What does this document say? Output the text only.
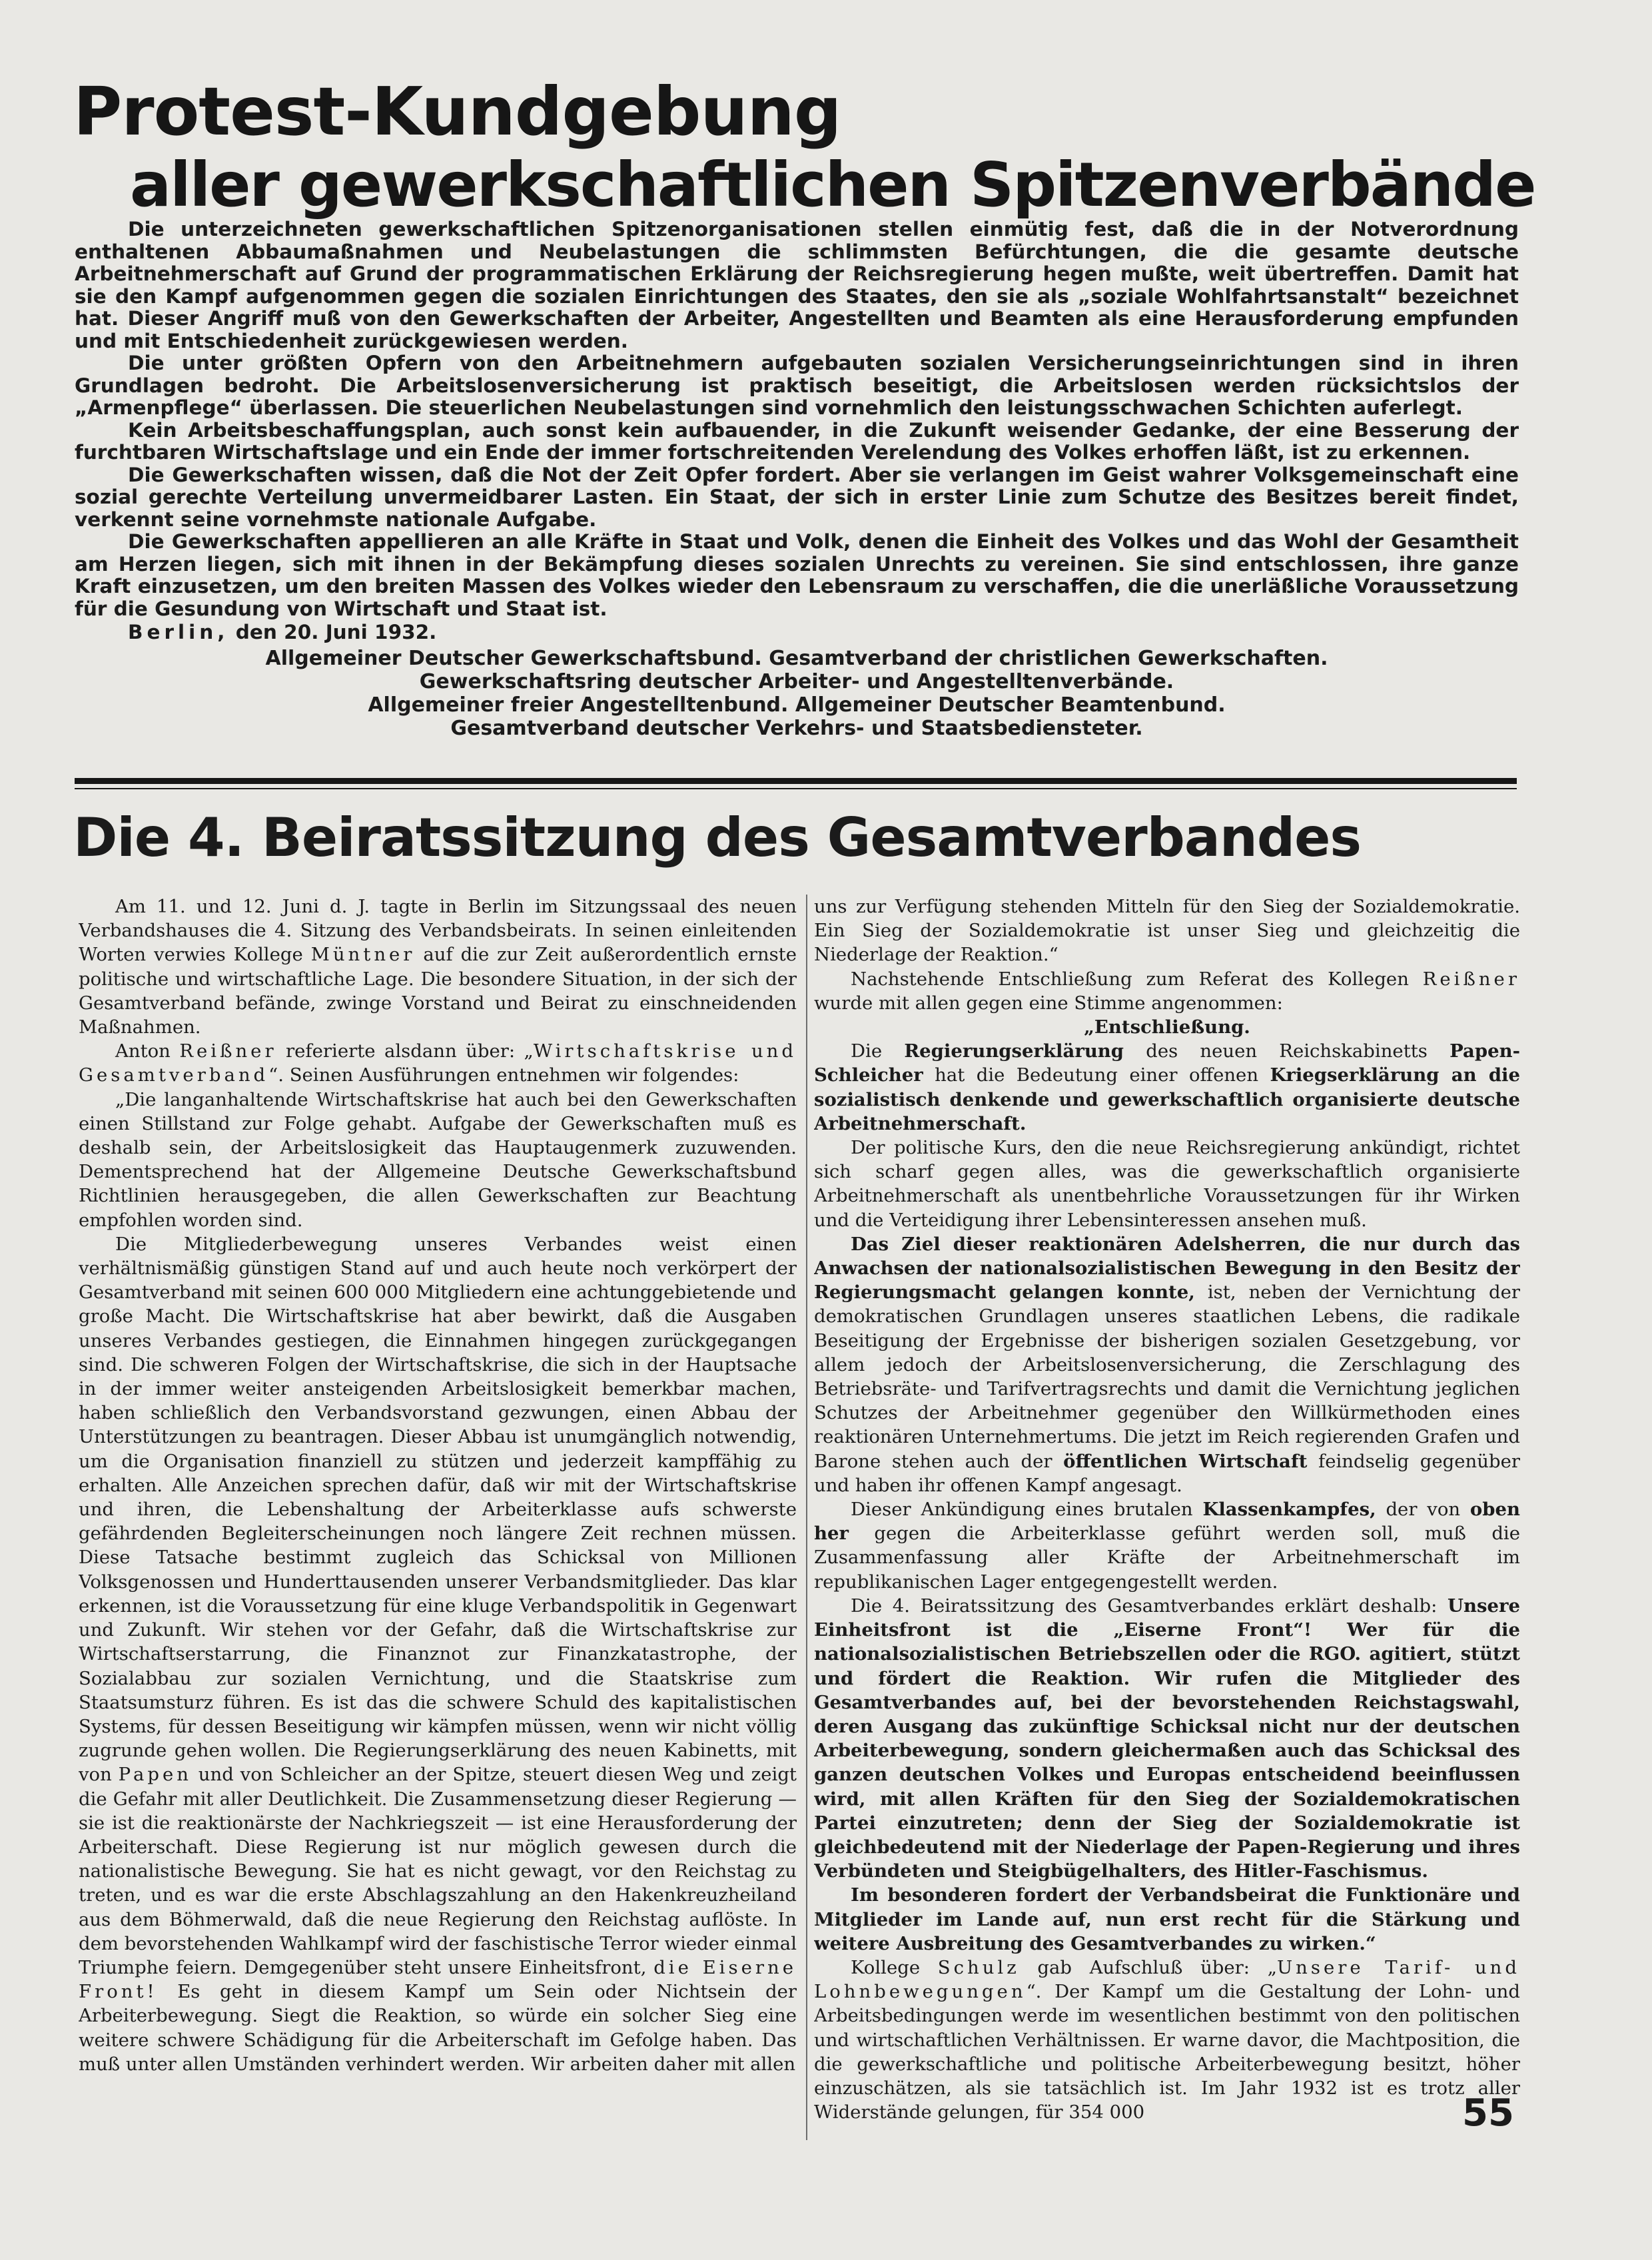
Protest-Kundgebung
aller gewerkschaftlichen Spitzenverbände

Die unterzeichneten gewerkschaftlichen Spitzenorganisationen stellen einmütig fest, daß die in der Notverordnung enthaltenen Abbaumaßnahmen und Neubelastungen die schlimmsten Befürchtungen, die die gesamte deutsche Arbeitnehmerschaft auf Grund der programmatischen Erklärung der Reichsregierung hegen mußte, weit übertreffen. Damit hat sie den Kampf aufgenommen gegen die sozialen Einrichtungen des Staates, den sie als „soziale Wohlfahrtsanstalt“ bezeichnet hat. Dieser Angriff muß von den Gewerkschaften der Arbeiter, Angestellten und Beamten als eine Herausforderung empfunden und mit Entschiedenheit zurückgewiesen werden.

Die unter größten Opfern von den Arbeitnehmern aufgebauten sozialen Versicherungseinrichtungen sind in ihren Grundlagen bedroht. Die Arbeitslosenversicherung ist praktisch beseitigt, die Arbeitslosen werden rücksichtslos der „Armenpflege“ überlassen. Die steuerlichen Neubelastungen sind vornehmlich den leistungsschwachen Schichten auferlegt.

Kein Arbeitsbeschaffungsplan, auch sonst kein aufbauender, in die Zukunft weisender Gedanke, der eine Besserung der furchtbaren Wirtschaftslage und ein Ende der immer fortschreitenden Verelendung des Volkes erhoffen läßt, ist zu erkennen.

Die Gewerkschaften wissen, daß die Not der Zeit Opfer fordert. Aber sie verlangen im Geist wahrer Volksgemeinschaft eine sozial gerechte Verteilung unvermeidbarer Lasten. Ein Staat, der sich in erster Linie zum Schutze des Besitzes bereit findet, verkennt seine vornehmste nationale Aufgabe.

Die Gewerkschaften appellieren an alle Kräfte in Staat und Volk, denen die Einheit des Volkes und das Wohl der Gesamtheit am Herzen liegen, sich mit ihnen in der Bekämpfung dieses sozialen Unrechts zu vereinen. Sie sind entschlossen, ihre ganze Kraft einzusetzen, um den breiten Massen des Volkes wieder den Lebensraum zu verschaffen, die die unerläßliche Voraussetzung für die Gesundung von Wirtschaft und Staat ist.

Berlin, den 20. Juni 1932.

Allgemeiner Deutscher Gewerkschaftsbund. Gesamtverband der christlichen Gewerkschaften.
Gewerkschaftsring deutscher Arbeiter- und Angestelltenverbände.
Allgemeiner freier Angestelltenbund. Allgemeiner Deutscher Beamtenbund.
Gesamtverband deutscher Verkehrs- und Staatsbediensteter.
Die 4. Beiratssitzung des Gesamtverbandes

Am 11. und 12. Juni d. J. tagte in Berlin im Sitzungssaal des neuen Verbandshauses die 4. Sitzung des Verbandsbeirats. In seinen einleitenden Worten verwies Kollege Müntner auf die zur Zeit außerordentlich ernste politische und wirtschaftliche Lage. Die besondere Situation, in der sich der Gesamtverband befände, zwinge Vorstand und Beirat zu einschneidenden Maßnahmen.

Anton Reißner referierte alsdann über: „Wirtschaftskrise und Gesamtverband“. Seinen Ausführungen entnehmen wir folgendes:

„Die langanhaltende Wirtschaftskrise hat auch bei den Gewerkschaften einen Stillstand zur Folge gehabt. Aufgabe der Gewerkschaften muß es deshalb sein, der Arbeitslosigkeit das Hauptaugenmerk zuzuwenden. Dementsprechend hat der Allgemeine Deutsche Gewerkschaftsbund Richtlinien herausgegeben, die allen Gewerkschaften zur Beachtung empfohlen worden sind.

Die Mitgliederbewegung unseres Verbandes weist einen verhältnismäßig günstigen Stand auf und auch heute noch verkörpert der Gesamtverband mit seinen 600 000 Mitgliedern eine achtunggebietende und große Macht. Die Wirtschaftskrise hat aber bewirkt, daß die Ausgaben unseres Verbandes gestiegen, die Einnahmen hingegen zurückgegangen sind. Die schweren Folgen der Wirtschaftskrise, die sich in der Hauptsache in der immer weiter ansteigenden Arbeitslosigkeit bemerkbar machen, haben schließlich den Verbandsvorstand gezwungen, einen Abbau der Unterstützungen zu beantragen. Dieser Abbau ist unumgänglich notwendig, um die Organisation finanziell zu stützen und jederzeit kampffähig zu erhalten. Alle Anzeichen sprechen dafür, daß wir mit der Wirtschaftskrise und ihren, die Lebenshaltung der Arbeiterklasse aufs schwerste gefährdenden Begleiterscheinungen noch längere Zeit rechnen müssen. Diese Tatsache bestimmt zugleich das Schicksal von Millionen Volksgenossen und Hunderttausenden unserer Verbandsmitglieder. Das klar erkennen, ist die Voraussetzung für eine kluge Verbandspolitik in Gegenwart und Zukunft. Wir stehen vor der Gefahr, daß die Wirtschaftskrise zur Wirtschaftserstarrung, die Finanznot zur Finanzkatastrophe, der Sozialabbau zur sozialen Vernichtung, und die Staatskrise zum Staatsumsturz führen. Es ist das die schwere Schuld des kapitalistischen Systems, für dessen Beseitigung wir kämpfen müssen, wenn wir nicht völlig zugrunde gehen wollen. Die Regierungserklärung des neuen Kabinetts, mit von Papen und von Schleicher an der Spitze, steuert diesen Weg und zeigt die Gefahr mit aller Deutlichkeit. Die Zusammensetzung dieser Regierung — sie ist die reaktionärste der Nachkriegszeit — ist eine Herausforderung der Arbeiterschaft. Diese Regierung ist nur möglich gewesen durch die nationalistische Bewegung. Sie hat es nicht gewagt, vor den Reichstag zu treten, und es war die erste Abschlagszahlung an den Hakenkreuzheiland aus dem Böhmerwald, daß die neue Regierung den Reichstag auflöste. In dem bevorstehenden Wahlkampf wird der faschistische Terror wieder einmal Triumphe feiern. Demgegenüber steht unsere Einheitsfront, die Eiserne Front! Es geht in diesem Kampf um Sein oder Nichtsein der Arbeiterbewegung. Siegt die Reaktion, so würde ein solcher Sieg eine weitere schwere Schädigung für die Arbeiterschaft im Gefolge haben. Das muß unter allen Umständen verhindert werden. Wir arbeiten daher mit allen

uns zur Verfügung stehenden Mitteln für den Sieg der Sozialdemokratie. Ein Sieg der Sozialdemokratie ist unser Sieg und gleichzeitig die Niederlage der Reaktion.“

Nachstehende Entschließung zum Referat des Kollegen Reißner wurde mit allen gegen eine Stimme angenommen:

„Entschließung.

Die Regierungserklärung des neuen Reichskabinetts Papen-Schleicher hat die Bedeutung einer offenen Kriegserklärung an die sozialistisch denkende und gewerkschaftlich organisierte deutsche Arbeitnehmerschaft.

Der politische Kurs, den die neue Reichsregierung ankündigt, richtet sich scharf gegen alles, was die gewerkschaftlich organisierte Arbeitnehmerschaft als unentbehrliche Voraussetzungen für ihr Wirken und die Verteidigung ihrer Lebensinteressen ansehen muß.

Das Ziel dieser reaktionären Adelsherren, die nur durch das Anwachsen der nationalsozialistischen Bewegung in den Besitz der Regierungsmacht gelangen konnte, ist, neben der Vernichtung der demokratischen Grundlagen unseres staatlichen Lebens, die radikale Beseitigung der Ergebnisse der bisherigen sozialen Gesetzgebung, vor allem jedoch der Arbeitslosenversicherung, die Zerschlagung des Betriebsräte- und Tarifvertragsrechts und damit die Vernichtung jeglichen Schutzes der Arbeitnehmer gegenüber den Willkürmethoden eines reaktionären Unternehmertums. Die jetzt im Reich regierenden Grafen und Barone stehen auch der öffentlichen Wirtschaft feindselig gegenüber und haben ihr offenen Kampf angesagt.

Dieser Ankündigung eines brutalen Klassenkampfes, der von oben her gegen die Arbeiterklasse geführt werden soll, muß die Zusammenfassung aller Kräfte der Arbeitnehmerschaft im republikanischen Lager entgegengestellt werden.

Die 4. Beiratssitzung des Gesamtverbandes erklärt deshalb: Unsere Einheitsfront ist die „Eiserne Front“! Wer für die nationalsozialistischen Betriebszellen oder die RGO. agitiert, stützt und fördert die Reaktion. Wir rufen die Mitglieder des Gesamtverbandes auf, bei der bevorstehenden Reichstagswahl, deren Ausgang das zukünftige Schicksal nicht nur der deutschen Arbeiterbewegung, sondern gleichermaßen auch das Schicksal des ganzen deutschen Volkes und Europas entscheidend beeinflussen wird, mit allen Kräften für den Sieg der Sozialdemokratischen Partei einzutreten; denn der Sieg der Sozialdemokratie ist gleichbedeutend mit der Niederlage der Papen-Regierung und ihres Verbündeten und Steigbügelhalters, des Hitler-Faschismus.

Im besonderen fordert der Verbandsbeirat die Funktionäre und Mitglieder im Lande auf, nun erst recht für die Stärkung und weitere Ausbreitung des Gesamtverbandes zu wirken.“

Kollege Schulz gab Aufschluß über: „Unsere Tarif- und Lohnbewegungen“. Der Kampf um die Gestaltung der Lohn- und Arbeitsbedingungen werde im wesentlichen bestimmt von den politischen und wirtschaftlichen Verhältnissen. Er warne davor, die Machtposition, die die gewerkschaftliche und politische Arbeiterbewegung besitzt, höher einzuschätzen, als sie tatsächlich ist. Im Jahr 1932 ist es trotz aller Widerstände gelungen, für 354 000	55
